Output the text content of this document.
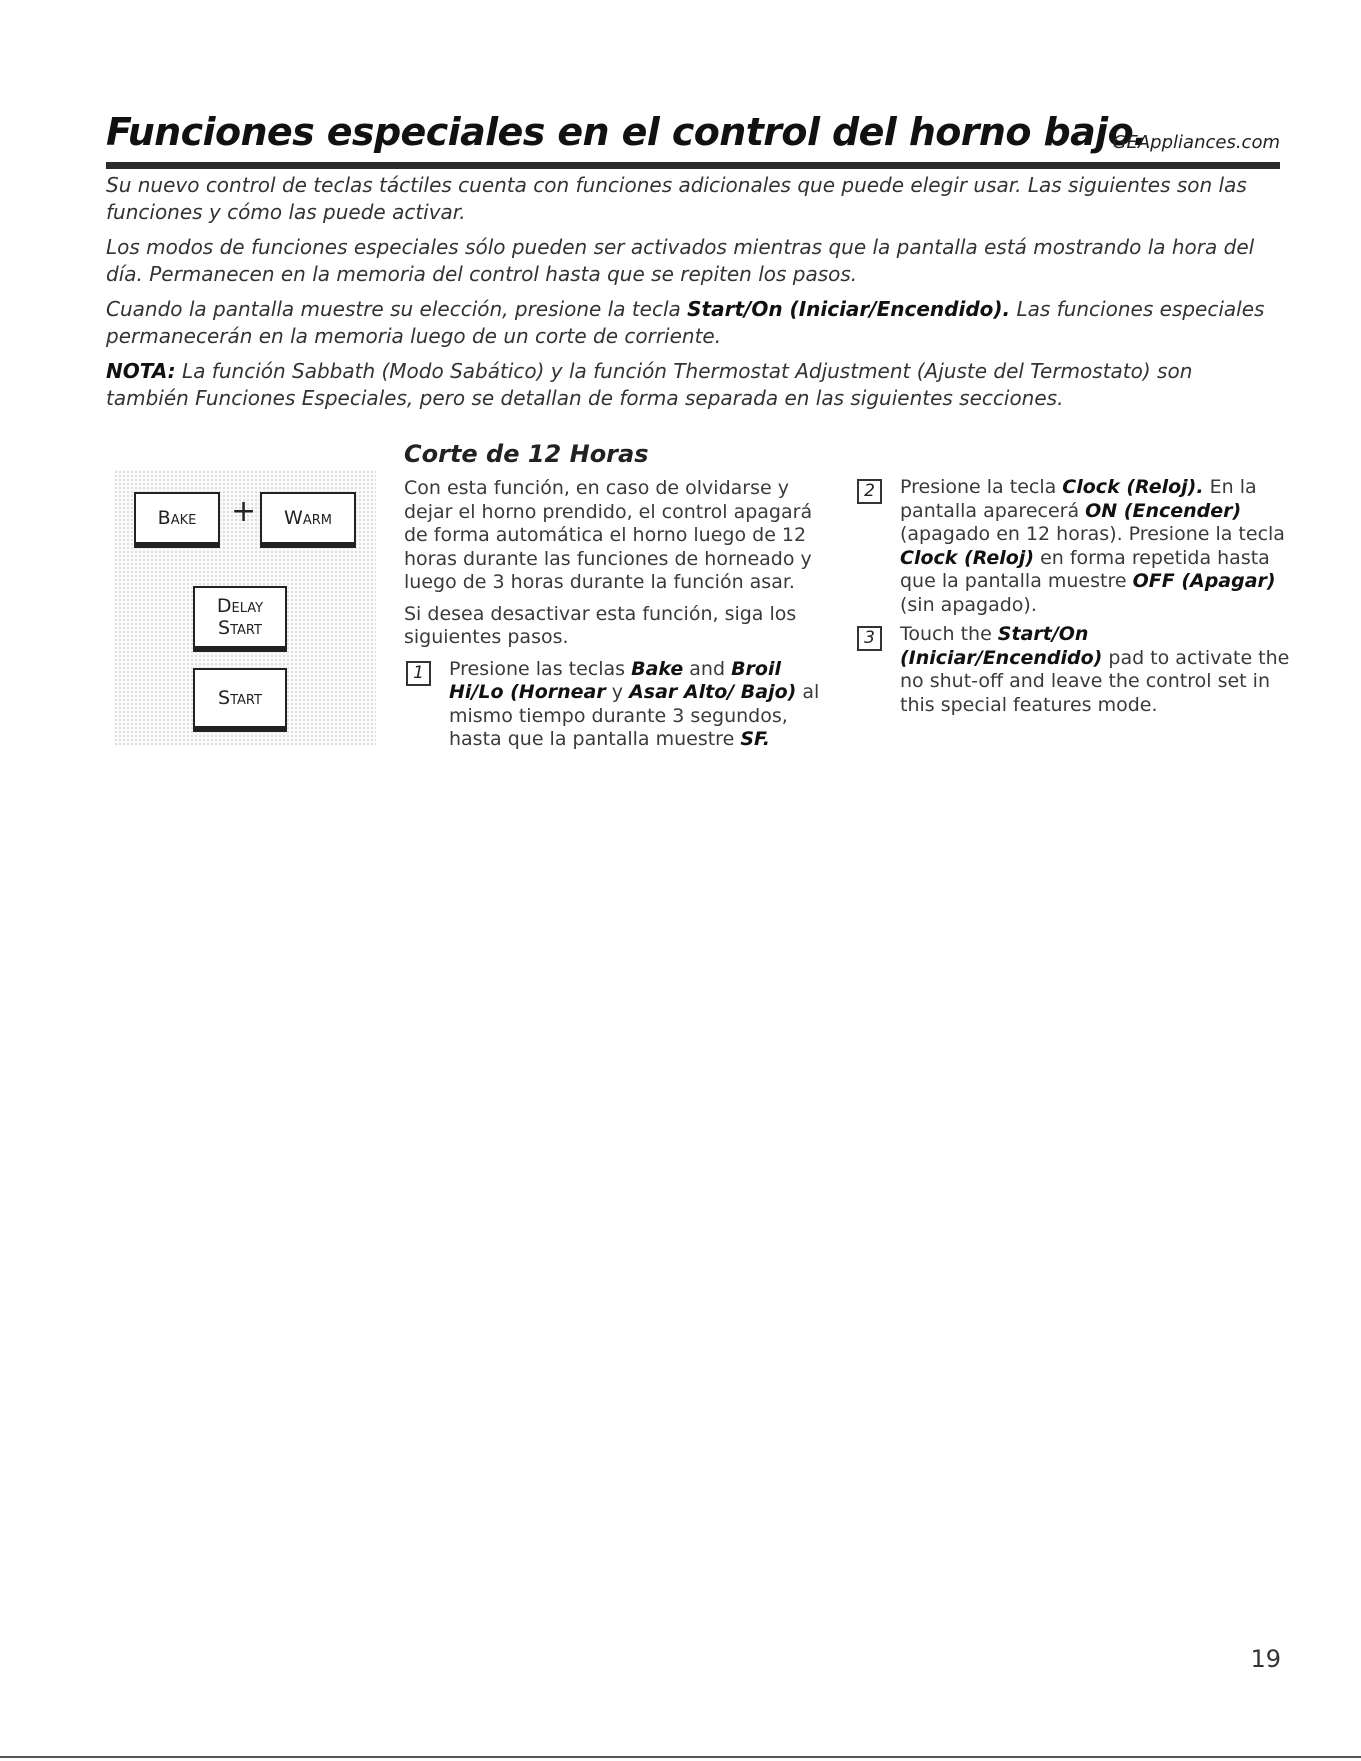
Funciones especiales en el control del horno bajo.
GEAppliances.com

Su nuevo control de teclas táctiles cuenta con funciones adicionales que puede elegir usar. Las siguientes son las funciones y cómo las puede activar.

Los modos de funciones especiales sólo pueden ser activados mientras que la pantalla está mostrando la hora del día. Permanecen en la memoria del control hasta que se repiten los pasos.

Cuando la pantalla muestre su elección, presione la tecla Start/On (Iniciar/Encendido). Las funciones especiales permanecerán en la memoria luego de un corte de corriente.

NOTA: La función Sabbath (Modo Sabático) y la función Thermostat Adjustment (Ajuste del Termostato) son también Funciones Especiales, pero se detallan de forma separada en las siguientes secciones.

Bake	+	Warm
Delay
Start
Start
Corte de 12 Horas

Con esta función, en caso de olvidarse y dejar el horno prendido, el control apagará de forma automática el horno luego de 12 horas durante las funciones de horneado y luego de 3 horas durante la función asar.

Si desea desactivar esta función, siga los siguientes pasos.

1	Presione las teclas Bake and Broil Hi/Lo (Hornear y Asar Alto/ Bajo) al mismo tiempo durante 3 segundos, hasta que la pantalla muestre SF.

2	Presione la tecla Clock (Reloj). En la pantalla aparecerá ON (Encender) (apagado en 12 horas). Presione la tecla Clock (Reloj) en forma repetida hasta que la pantalla muestre OFF (Apagar) (sin apagado).

3	Touch the Start/On (Iniciar/Encendido) pad to activate the no shut-off and leave the control set in this special features mode.

19
